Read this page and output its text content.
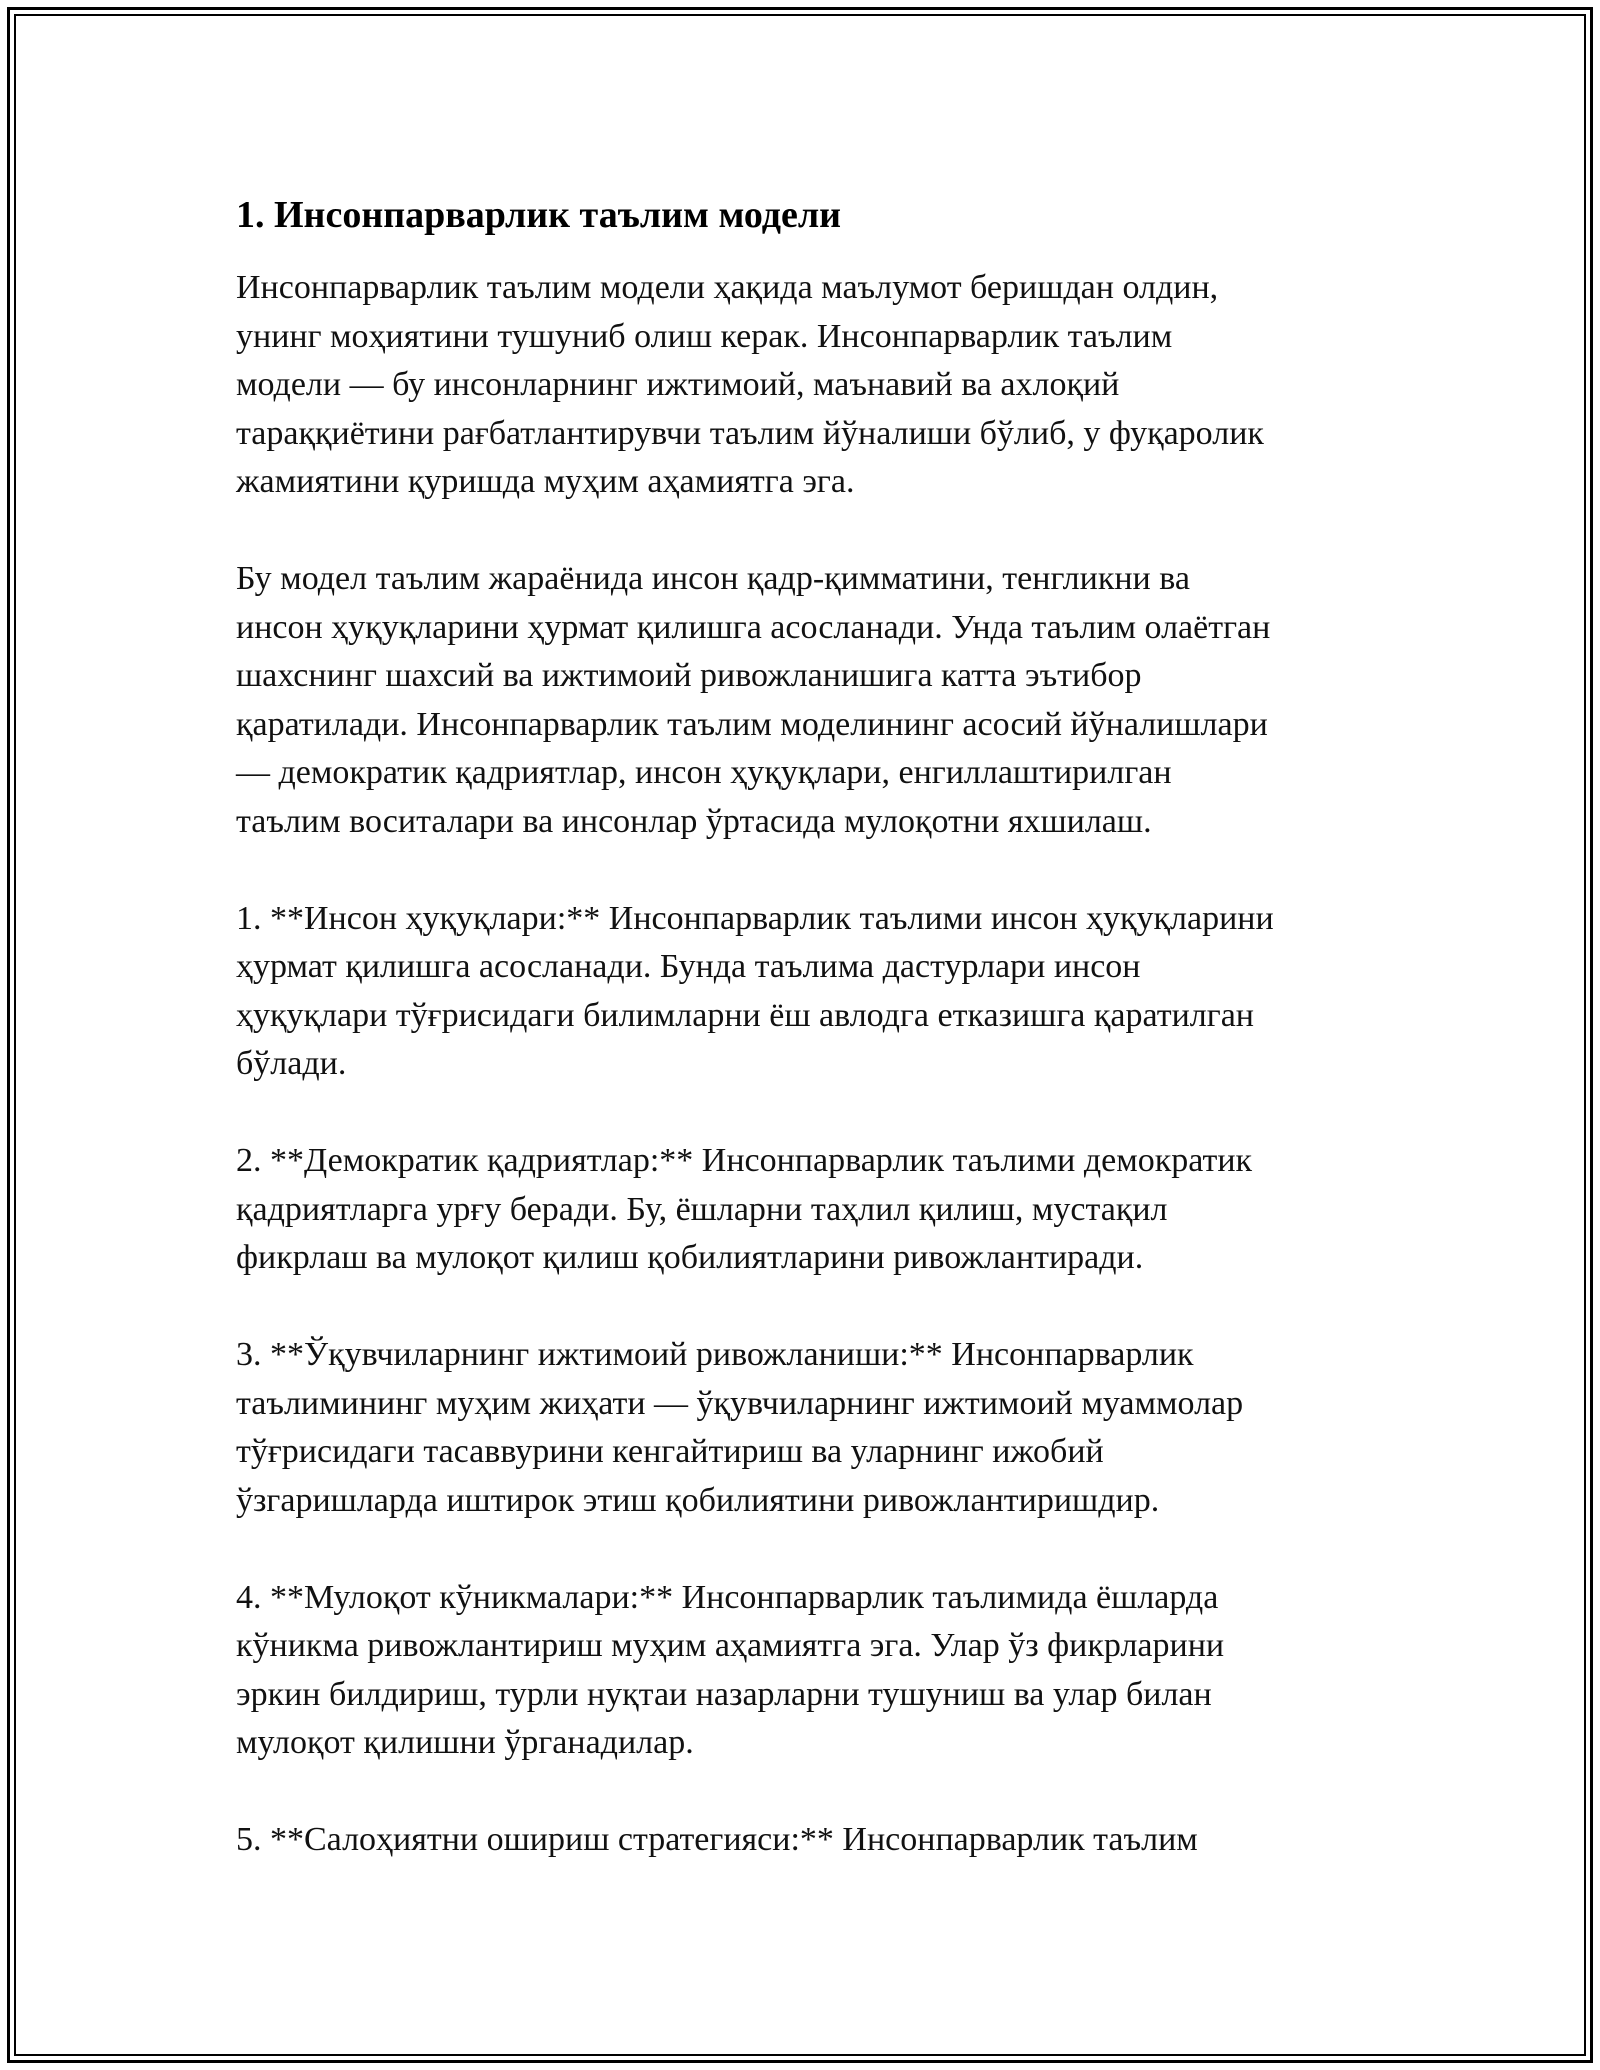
1. Инсонпарварлик таълим модели

Инсонпарварлик таълим модели ҳақида маълумот беришдан олдин,
унинг моҳиятини тушуниб олиш керак. Инсонпарварлик таълим
модели — бу инсонларнинг ижтимоий, маънавий ва ахлоқий
тараққиётини рағбатлантирувчи таълим йўналиши бўлиб, у фуқаролик
жамиятини қуришда муҳим аҳамиятга эга.

Бу модел таълим жараёнида инсон қадр-қимматини, тенгликни ва
инсон ҳуқуқларини ҳурмат қилишга асосланади. Унда таълим олаётган
шахснинг шахсий ва ижтимоий ривожланишига катта эътибор
қаратилади. Инсонпарварлик таълим моделининг асосий йўналишлари
— демократик қадриятлар, инсон ҳуқуқлари, енгиллаштирилган
таълим воситалари ва инсонлар ўртасида мулоқотни яхшилаш.

1. **Инсон ҳуқуқлари:** Инсонпарварлик таълими инсон ҳуқуқларини
ҳурмат қилишга асосланади. Бунда таълима дастурлари инсон
ҳуқуқлари тўғрисидаги билимларни ёш авлодга етказишга қаратилган
бўлади.

2. **Демократик қадриятлар:** Инсонпарварлик таълими демократик
қадриятларга урғу беради. Бу, ёшларни таҳлил қилиш, мустақил
фикрлаш ва мулоқот қилиш қобилиятларини ривожлантиради.

3. **Ўқувчиларнинг ижтимоий ривожланиши:** Инсонпарварлик
таълимининг муҳим жиҳати — ўқувчиларнинг ижтимоий муаммолар
тўғрисидаги тасаввурини кенгайтириш ва уларнинг ижобий
ўзгаришларда иштирок этиш қобилиятини ривожлантиришдир.

4. **Мулоқот кўникмалари:** Инсонпарварлик таълимида ёшларда
кўникма ривожлантириш муҳим аҳамиятга эга. Улар ўз фикрларини
эркин билдириш, турли нуқтаи назарларни тушуниш ва улар билан
мулоқот қилишни ўрганадилар.

5. **Салоҳиятни ошириш стратегияси:** Инсонпарварлик таълим
